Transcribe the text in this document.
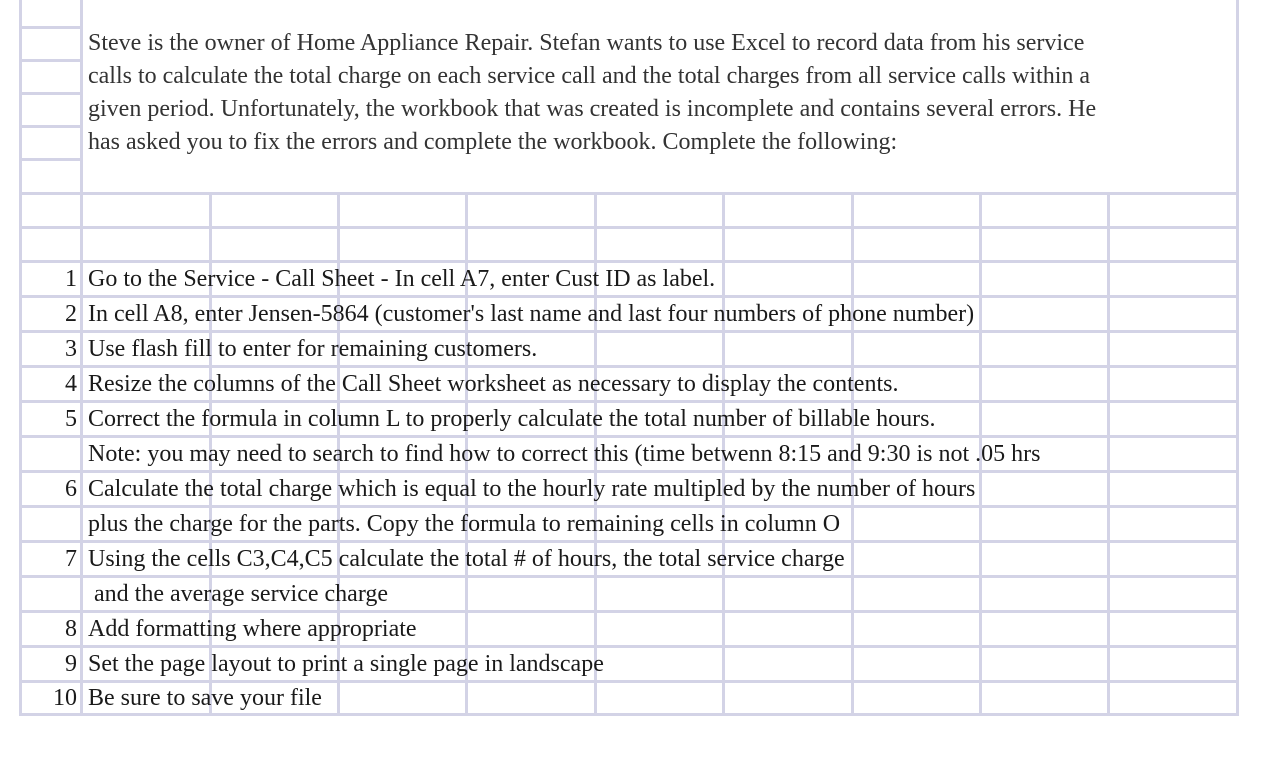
Steve is the owner of Home Appliance Repair. Stefan wants to use Excel to record data from his service
calls to calculate the total charge on each service call and the total charges from all service calls within a
given period. Unfortunately, the workbook that was created is incomplete and contains several errors. He
has asked you to fix the errors and complete the workbook. Complete the following:
1 Go to the Service - Call Sheet - In cell A7, enter Cust ID as label.
2 In cell A8, enter Jensen-5864 (customer's last name and last four numbers of phone number)
3 Use flash fill to enter for remaining customers.
4 Resize the columns of the Call Sheet worksheet as necessary to display the contents.
5 Correct the formula in column L to properly calculate the total number of billable hours.
Note: you may need to search to find how to correct this (time betwenn 8:15 and 9:30 is not .05 hrs
6 Calculate the total charge which is equal to the hourly rate multipled by the number of hours
plus the charge for the parts. Copy the formula to remaining cells in column O
7 Using the cells C3,C4,C5 calculate the total # of hours, the total service charge
and the average service charge
8 Add formatting where appropriate
9 Set the page layout to print a single page in landscape
10 Be sure to save your file
